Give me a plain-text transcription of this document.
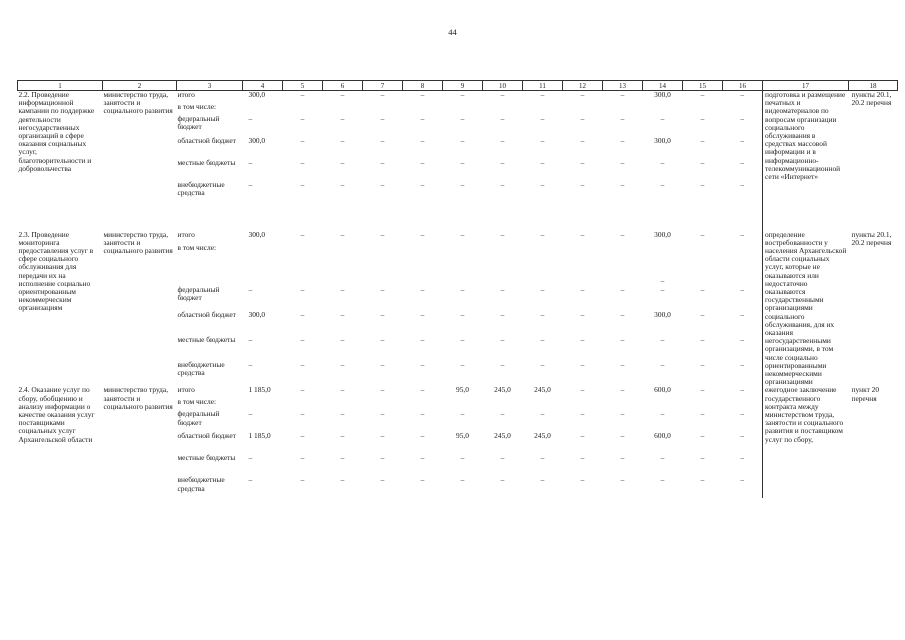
44
1	2	3	4	5	6	7	8	9	10	11	12	13	14	15	16	17	18
2.2. Проведение информационной кампании по поддержке деятельности негосударственных организаций в сфере оказания социальных услуг, благотворительности и добровольчества	министерство труда, занятости и социального развития	итого	300,0	–	–	–	–	–	–	–	–	–	300,0	–	–	подготовка и размещение печатных и видеоматериалов по вопросам организации социального обслуживания в средствах массовой информации и в информационно-телекоммуникационной сети «Интернет»	пункты 20.1, 20.2 перечня
		в том числе:															
		федеральный бюджет	–	–	–	–	–	–	–	–	–	–	–	–	–		
		областной бюджет	300,0	–	–	–	–	–	–	–	–	–	300,0	–	–		
		местные бюджеты	–	–	–	–	–	–	–	–	–	–	–	–	–		
		внебюджетные средства	–	–	–	–	–	–	–	–	–	–	–	–	–		
2.3. Проведение мониторинга предоставления услуг в сфере социального обслуживания для передачи их на исполнение социально ориентированным некоммерческим организациям	министерство труда, занятости и социального развития	итого	300,0	–	–	–	–	–	–	–	–	–	300,0	–	–	определение востребованности у населения Архангельской области социальных услуг, которые не оказываются или недостаточно оказываются государственными организациями социального обслуживания, для их оказания негосударственными организациями, в том числе социально ориентированными некоммерческими организациями	пункты 20.1, 20.2 перечня
		в том числе:											–				
		федеральный бюджет	–	–	–	–	–	–	–	–	–	–	–	–	–		
		областной бюджет	300,0	–	–	–	–	–	–	–	–	–	300,0	–	–		
		местные бюджеты	–	–	–	–	–	–	–	–	–	–	–	–	–		
		внебюджетные средства	–	–	–	–	–	–	–	–	–	–	–	–	–		
2.4. Оказание услуг по сбору, обобщению и анализу информации о качестве оказания услуг поставщиками социальных услуг Архангельской области	министерство труда, занятости и социального развития	итого	1 185,0	–	–	–	–	95,0	245,0	245,0	–	–	600,0	–	–	ежегодное заключение государственного контракта между министерством труда, занятости и социального развития и поставщиком услуг по сбору,	пункт 20 перечня
		в том числе:															
		федеральный бюджет	–	–	–	–	–	–	–	–	–	–	–	–	–		
		областной бюджет	1 185,0	–	–	–	–	95,0	245,0	245,0	–	–	600,0	–	–		
		местные бюджеты	–	–	–	–	–	–	–	–	–	–	–	–	–		
		внебюджетные средства	–	–	–	–	–	–	–	–	–	–	–	–	–		
